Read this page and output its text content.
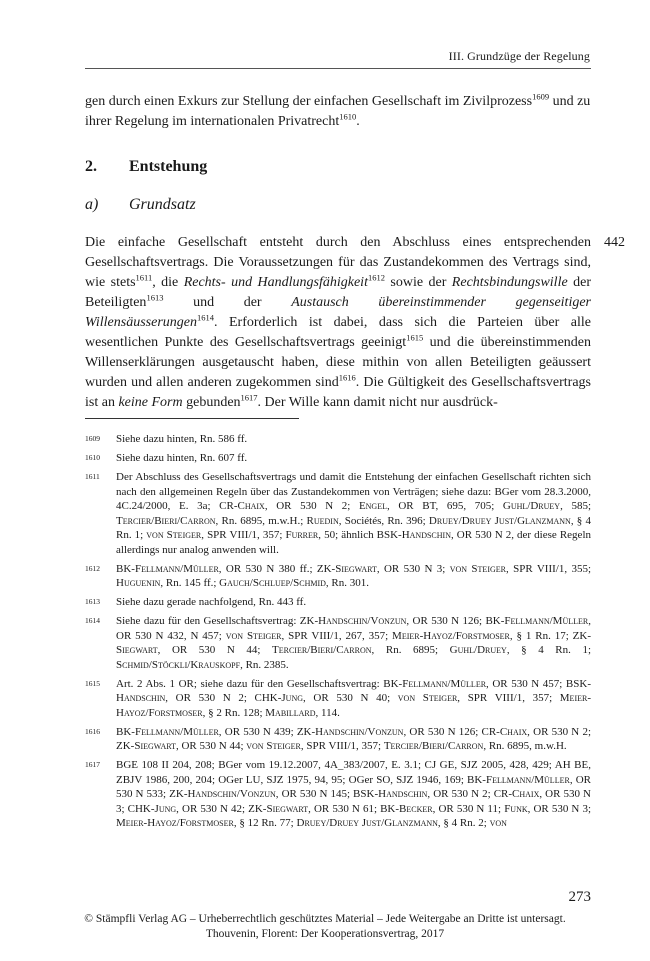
III. Grundzüge der Regelung

gen durch einen Exkurs zur Stellung der einfachen Gesellschaft im Zivilprozess$^{1609}$ und zu ihrer Regelung im internationalen Privatrecht$^{1610}$.

2. Entstehung
a) Grundsatz
442

Die einfache Gesellschaft entsteht durch den Abschluss eines entsprechenden Gesellschaftsvertrags. Die Voraussetzungen für das Zustandekommen des Vertrags sind, wie stets$^{1611}$, die Rechts- und Handlungsfähigkeit$^{1612}$ sowie der Rechtsbindungswille der Beteiligten$^{1613}$ und der Austausch übereinstimmender gegenseitiger Willensäusserungen$^{1614}$. Erforderlich ist dabei, dass sich die Parteien über alle wesentlichen Punkte des Gesellschaftsvertrags geeinigt$^{1615}$ und die übereinstimmenden Willenserklärungen ausgetauscht haben, diese mithin von allen Beteiligten geäussert wurden und allen anderen zugekommen sind$^{1616}$. Die Gültigkeit des Gesellschaftsvertrags ist an keine Form gebunden$^{1617}$. Der Wille kann damit nicht nur ausdrück-

1609	Siehe dazu hinten, Rn. 586 ff.
1610	Siehe dazu hinten, Rn. 607 ff.
1611	Der Abschluss des Gesellschaftsvertrags und damit die Entstehung der einfachen Gesellschaft richten sich nach den allgemeinen Regeln über das Zustandekommen von Verträgen; siehe dazu: BGer vom 28.3.2000, 4C.24/2000, E. 3a; CR-Chaix, OR 530 N 2; Engel, OR BT, 695, 705; Guhl/Druey, 585; Tercier/Bieri/Carron, Rn. 6895, m.w.H.; Ruedin, Sociétés, Rn. 396; Druey/Druey Just/Glanzmann, § 4 Rn. 1; von Steiger, SPR VIII/1, 357; Furrer, 50; ähnlich BSK-Handschin, OR 530 N 2, der diese Regeln allerdings nur analog anwenden will.
1612	BK-Fellmann/Müller, OR 530 N 380 ff.; ZK-Siegwart, OR 530 N 3; von Steiger, SPR VIII/1, 355; Huguenin, Rn. 145 ff.; Gauch/Schluep/Schmid, Rn. 301.
1613	Siehe dazu gerade nachfolgend, Rn. 443 ff.
1614	Siehe dazu für den Gesellschaftsvertrag: ZK-Handschin/Vonzun, OR 530 N 126; BK-Fellmann/Müller, OR 530 N 432, N 457; von Steiger, SPR VIII/1, 267, 357; Meier-Hayoz/Forstmoser, § 1 Rn. 17; ZK-Siegwart, OR 530 N 44; Tercier/Bieri/Carron, Rn. 6895; Guhl/Druey, § 4 Rn. 1; Schmid/Stöckli/Krauskopf, Rn. 2385.
1615	Art. 2 Abs. 1 OR; siehe dazu für den Gesellschaftsvertrag: BK-Fellmann/Müller, OR 530 N 457; BSK-Handschin, OR 530 N 2; CHK-Jung, OR 530 N 40; von Steiger, SPR VIII/1, 357; Meier-Hayoz/Forstmoser, § 2 Rn. 128; Mabillard, 114.
1616	BK-Fellmann/Müller, OR 530 N 439; ZK-Handschin/Vonzun, OR 530 N 126; CR-Chaix, OR 530 N 2; ZK-Siegwart, OR 530 N 44; von Steiger, SPR VIII/1, 357; Tercier/Bieri/Carron, Rn. 6895, m.w.H.
1617	BGE 108 II 204, 208; BGer vom 19.12.2007, 4A_383/2007, E. 3.1; CJ GE, SJZ 2005, 428, 429; AH BE, ZBJV 1986, 200, 204; OGer LU, SJZ 1975, 94, 95; OGer SO, SJZ 1946, 169; BK-Fellmann/Müller, OR 530 N 533; ZK-Handschin/Vonzun, OR 530 N 145; BSK-Handschin, OR 530 N 2; CR-Chaix, OR 530 N 3; CHK-Jung, OR 530 N 42; ZK-Siegwart, OR 530 N 61; BK-Becker, OR 530 N 11; Funk, OR 530 N 3; Meier-Hayoz/Forstmoser, § 12 Rn. 77; Druey/Druey Just/Glanzmann, § 4 Rn. 2; von
273
© Stämpfli Verlag AG – Urheberrechtlich geschütztes Material – Jede Weitergabe an Dritte ist untersagt.
Thouvenin, Florent: Der Kooperationsvertrag, 2017
